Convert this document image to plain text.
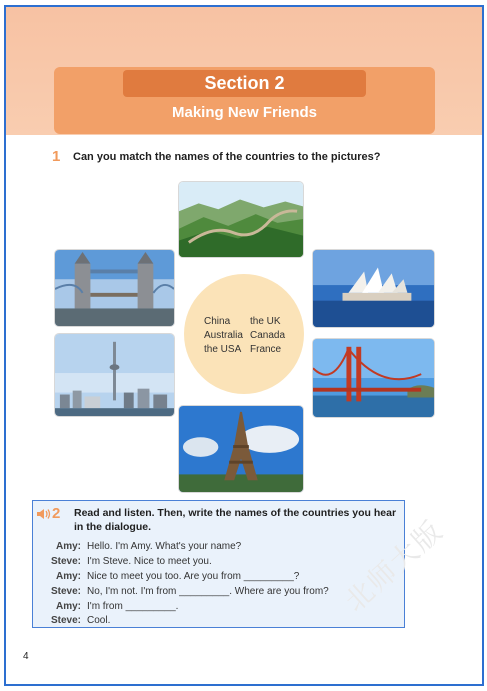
Section 2
Making New Friends
1 Can you match the names of the countries to the pictures?
China
Australia
the USA
the UK
Canada
France
2 Read and listen. Then, write the names of the countries you hear in the dialogue.
Amy: Hello. I'm Amy. What's your name?
Steve: I'm Steve. Nice to meet you.
Amy: Nice to meet you too. Are you from _________?
Steve: No, I'm not. I'm from _________. Where are you from?
Amy: I'm from _________.
Steve: Cool.
4
北师大版
